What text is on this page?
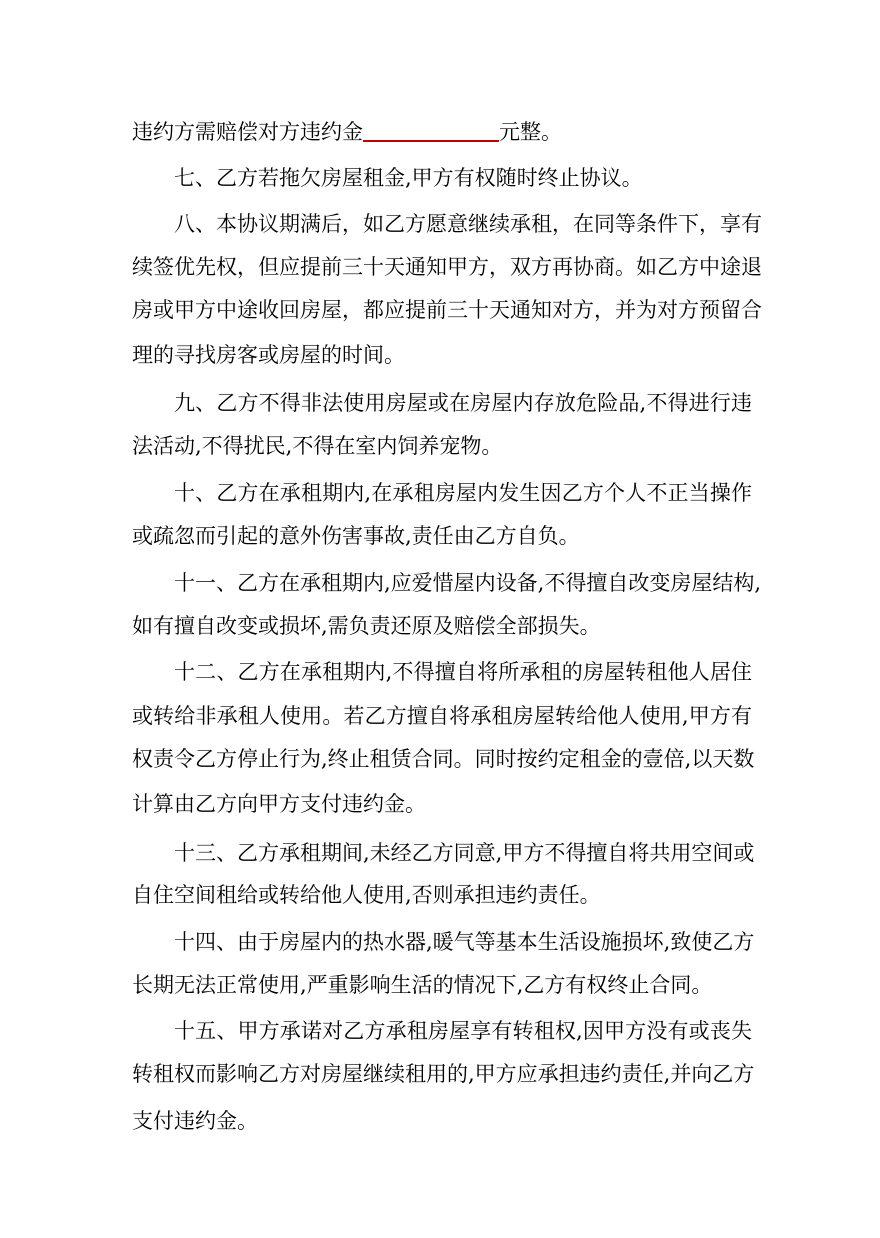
违约方需赔偿对方违约金	元整。
七、乙方若拖欠房屋租金,甲方有权随时终止协议。
八、本协议期满后，如乙方愿意继续承租，在同等条件下，享有
续签优先权，但应提前三十天通知甲方，双方再协商。如乙方中途退
房或甲方中途收回房屋，都应提前三十天通知对方，并为对方预留合
理的寻找房客或房屋的时间。
九、乙方不得非法使用房屋或在房屋内存放危险品,不得进行违
法活动,不得扰民,不得在室内饲养宠物。
十、乙方在承租期内,在承租房屋内发生因乙方个人不正当操作
或疏忽而引起的意外伤害事故,责任由乙方自负。
十一、乙方在承租期内,应爱惜屋内设备,不得擅自改变房屋结构,
如有擅自改变或损坏,需负责还原及赔偿全部损失。
十二、乙方在承租期内,不得擅自将所承租的房屋转租他人居住
或转给非承租人使用。若乙方擅自将承租房屋转给他人使用,甲方有
权责令乙方停止行为,终止租赁合同。同时按约定租金的壹倍,以天数
计算由乙方向甲方支付违约金。
十三、乙方承租期间,未经乙方同意,甲方不得擅自将共用空间或
自住空间租给或转给他人使用,否则承担违约责任。
十四、由于房屋内的热水器,暖气等基本生活设施损坏,致使乙方
长期无法正常使用,严重影响生活的情况下,乙方有权终止合同。
十五、甲方承诺对乙方承租房屋享有转租权,因甲方没有或丧失
转租权而影响乙方对房屋继续租用的,甲方应承担违约责任,并向乙方
支付违约金。
